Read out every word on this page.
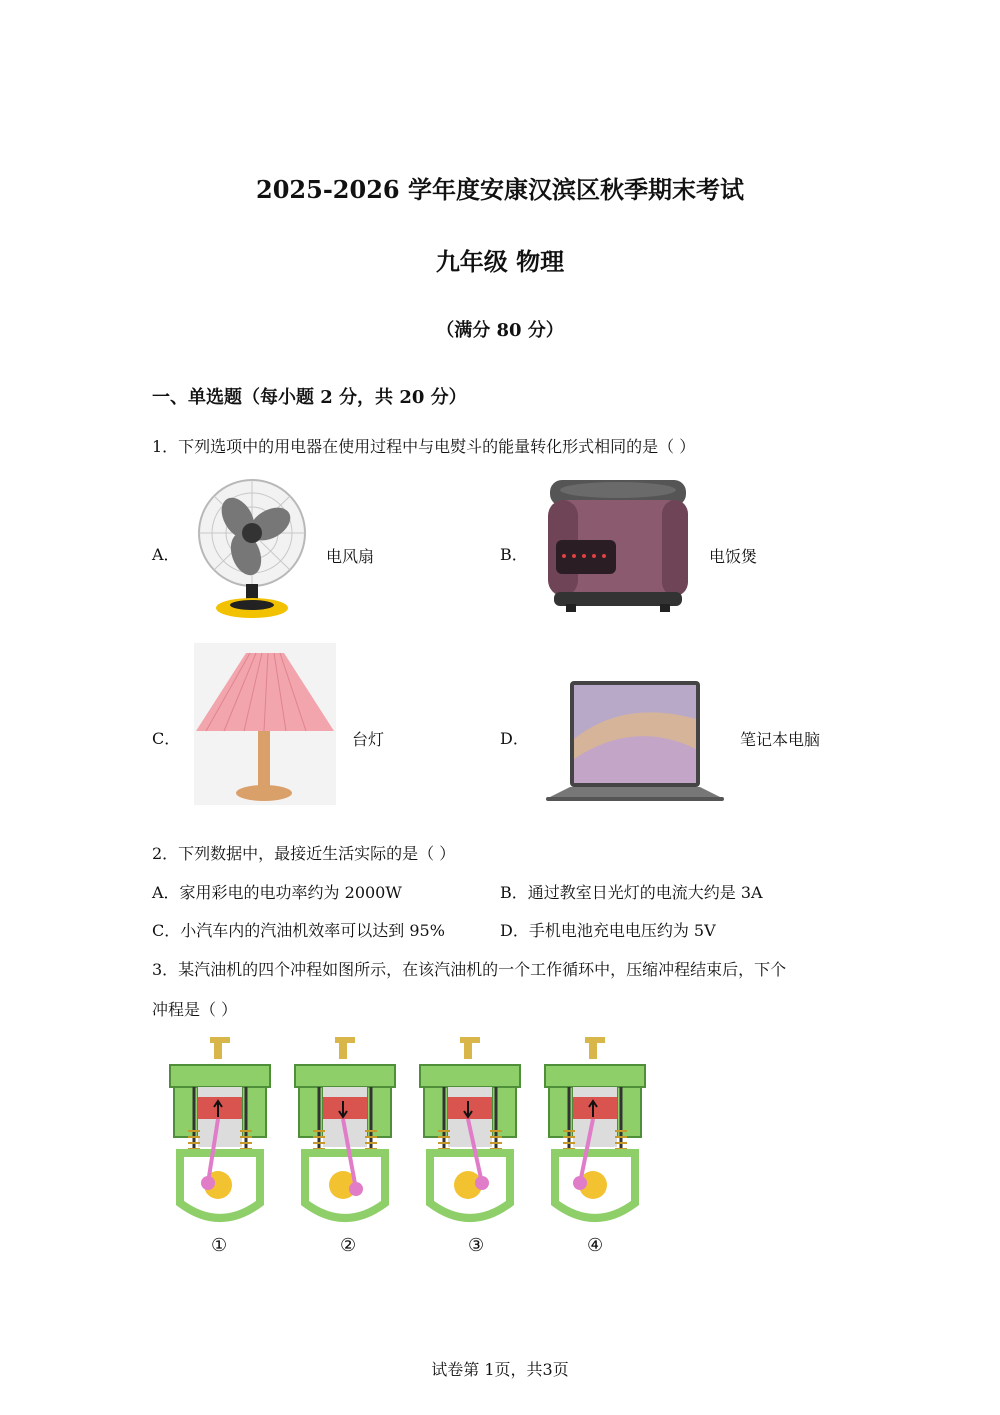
2025-2026 学年度安康汉滨区秋季期末考试
九年级 物理
（满分 80 分）
一、单选题（每小题 2 分，共 20 分）
1．下列选项中的用电器在使用过程中与电熨斗的能量转化形式相同的是（ ）
A．	电风扇	B．	电饭煲
C．	台灯	D．	笔记本电脑
2．下列数据中，最接近生活实际的是（ ）
A．家用彩电的电功率约为 2000W	B．通过教室日光灯的电流大约是 3A
C．小汽车内的汽油机效率可以达到 95%	D．手机电池充电电压约为 5V
3．某汽油机的四个冲程如图所示，在该汽油机的一个工作循环中，压缩冲程结束后，下个
冲程是（ ）
①	②	③	④
试卷第 1页，共3页
